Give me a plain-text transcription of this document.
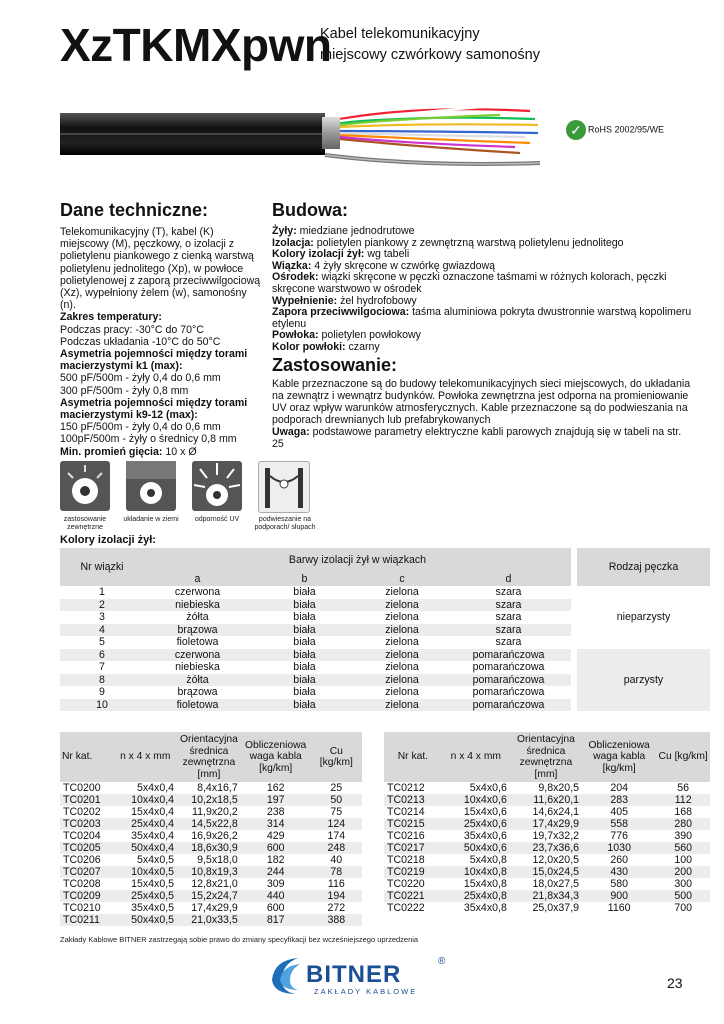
XzTKMXpwn
Kabel telekomunikacyjny
miejscowy czwórkowy samonośny
✓ RoHS 2002/95/WE
Dane techniczne:	Budowa:
Zastosowanie:

Telekomunikacyjny (T), kabel (K) miejscowy (M), pęczkowy, o izolacji z polietylenu piankowego z cienką warstwą polietylenu jednolitego (Xp), w powłoce polietylenowej z zaporą przeciwwilgociową (Xz), wypełniony żelem (w), samonośny (n).

Zakres temperatury:

Podczas pracy: -30°C do 70°C

Podczas układania -10°C do 50°C

Asymetria pojemności między torami macierzystymi k1 (max):

500 pF/500m - żyły 0,4 do 0,6 mm

300 pF/500m - żyły 0,8 mm

Asymetria pojemności między torami macierzystymi k9-12 (max):

150 pF/500m - żyły 0,4 do 0,6 mm

100pF/500m - żyły o średnicy 0,8 mm

Min. promień gięcia: 10 x Ø

Żyły: miedziane jednodrutowe

Izolacja: polietylen piankowy z zewnętrzną warstwą polietylenu jednolitego

Kolory izolacji żył: wg tabeli

Wiązka: 4 żyły skręcone w czwórkę gwiazdową

Ośrodek: wiązki skręcone w pęczki oznaczone taśmami w różnych kolorach, pęczki skręcone warstwowo w ośrodek

Wypełnienie: żel hydrofobowy

Zapora przeciwwilgociowa: taśma aluminiowa pokryta dwustronnie warstwą kopolimeru etylenu

Powłoka: polietylen powłokowy

Kolor powłoki: czarny

Kable przeznaczone są do budowy telekomunikacyjnych sieci miejscowych, do układania na zewnątrz i wewnątrz budynków. Powłoka zewnętrzna jest odporna na promieniowanie UV oraz wpływ warunków atmosferycznych. Kable przeznaczone są do podwieszania na podporach drewnianych lub prefabrykowanych

Uwaga: podstawowe parametry elektryczne kabli parowych znajdują się w tabeli na str. 25

zastosowanie zewnętrzne
układanie w ziemi	odporność UV	podwieszanie na podporach/ słupach
Kolory izolacji żył:
Nr wiązki	Barwy izolacji żył w wiązkach					Rodzaj pęczka
	a	b	c	d		
1	czerwona	biała	zielona	szara		nieparzysty
2	niebieska	biała	zielona	szara		
3	żółta	biała	zielona	szara		
4	brązowa	biała	zielona	szara		
5	fioletowa	biała	zielona	szara		
6	czerwona	biała	zielona	pomarańczowa		parzysty
7	niebieska	biała	zielona	pomarańczowa		
8	żółta	biała	zielona	pomarańczowa		
9	brązowa	biała	zielona	pomarańczowa		
10	fioletowa	biała	zielona	pomarańczowa		
Nr kat.	n x 4 x mm	Orientacyjna średnica zewnętrzna [mm]	Obliczeniowa waga kabla [kg/km]	Cu [kg/km]
TC0200	5x4x0,4	8,4x16,7	162	25
TC0201	10x4x0,4	10,2x18,5	197	50
TC0202	15x4x0,4	11,9x20,2	238	75
TC0203	25x4x0,4	14,5x22,8	314	124
TC0204	35x4x0,4	16,9x26,2	429	174
TC0205	50x4x0,4	18,6x30,9	600	248
TC0206	5x4x0,5	9,5x18,0	182	40
TC0207	10x4x0,5	10,8x19,3	244	78
TC0208	15x4x0,5	12,8x21,0	309	116
TC0209	25x4x0,5	15,2x24,7	440	194
TC0210	35x4x0,5	17,4x29,9	600	272
TC0211	50x4x0,5	21,0x33,5	817	388
Nr kat.	n x 4 x mm	Orientacyjna średnica zewnętrzna [mm]	Obliczeniowa waga kabla [kg/km]	Cu [kg/km]
TC0212	5x4x0,6	9,8x20,5	204	56
TC0213	10x4x0,6	11,6x20,1	283	112
TC0214	15x4x0,6	14,6x24,1	405	168
TC0215	25x4x0,6	17,4x29,9	558	280
TC0216	35x4x0,6	19,7x32,2	776	390
TC0217	50x4x0,6	23,7x36,6	1030	560
TC0218	5x4x0,8	12,0x20,5	260	100
TC0219	10x4x0,8	15,0x24,5	430	200
TC0220	15x4x0,8	18,0x27,5	580	300
TC0221	25x4x0,8	21,8x34,3	900	500
TC0222	35x4x0,8	25,0x37,9	1160	700
Zakłady Kablowe BITNER zastrzegają sobie prawo do zmiany specyfikacji bez wcześniejszego uprzedzenia
BITNER	®
ZAKŁADY KABLOWE
23
